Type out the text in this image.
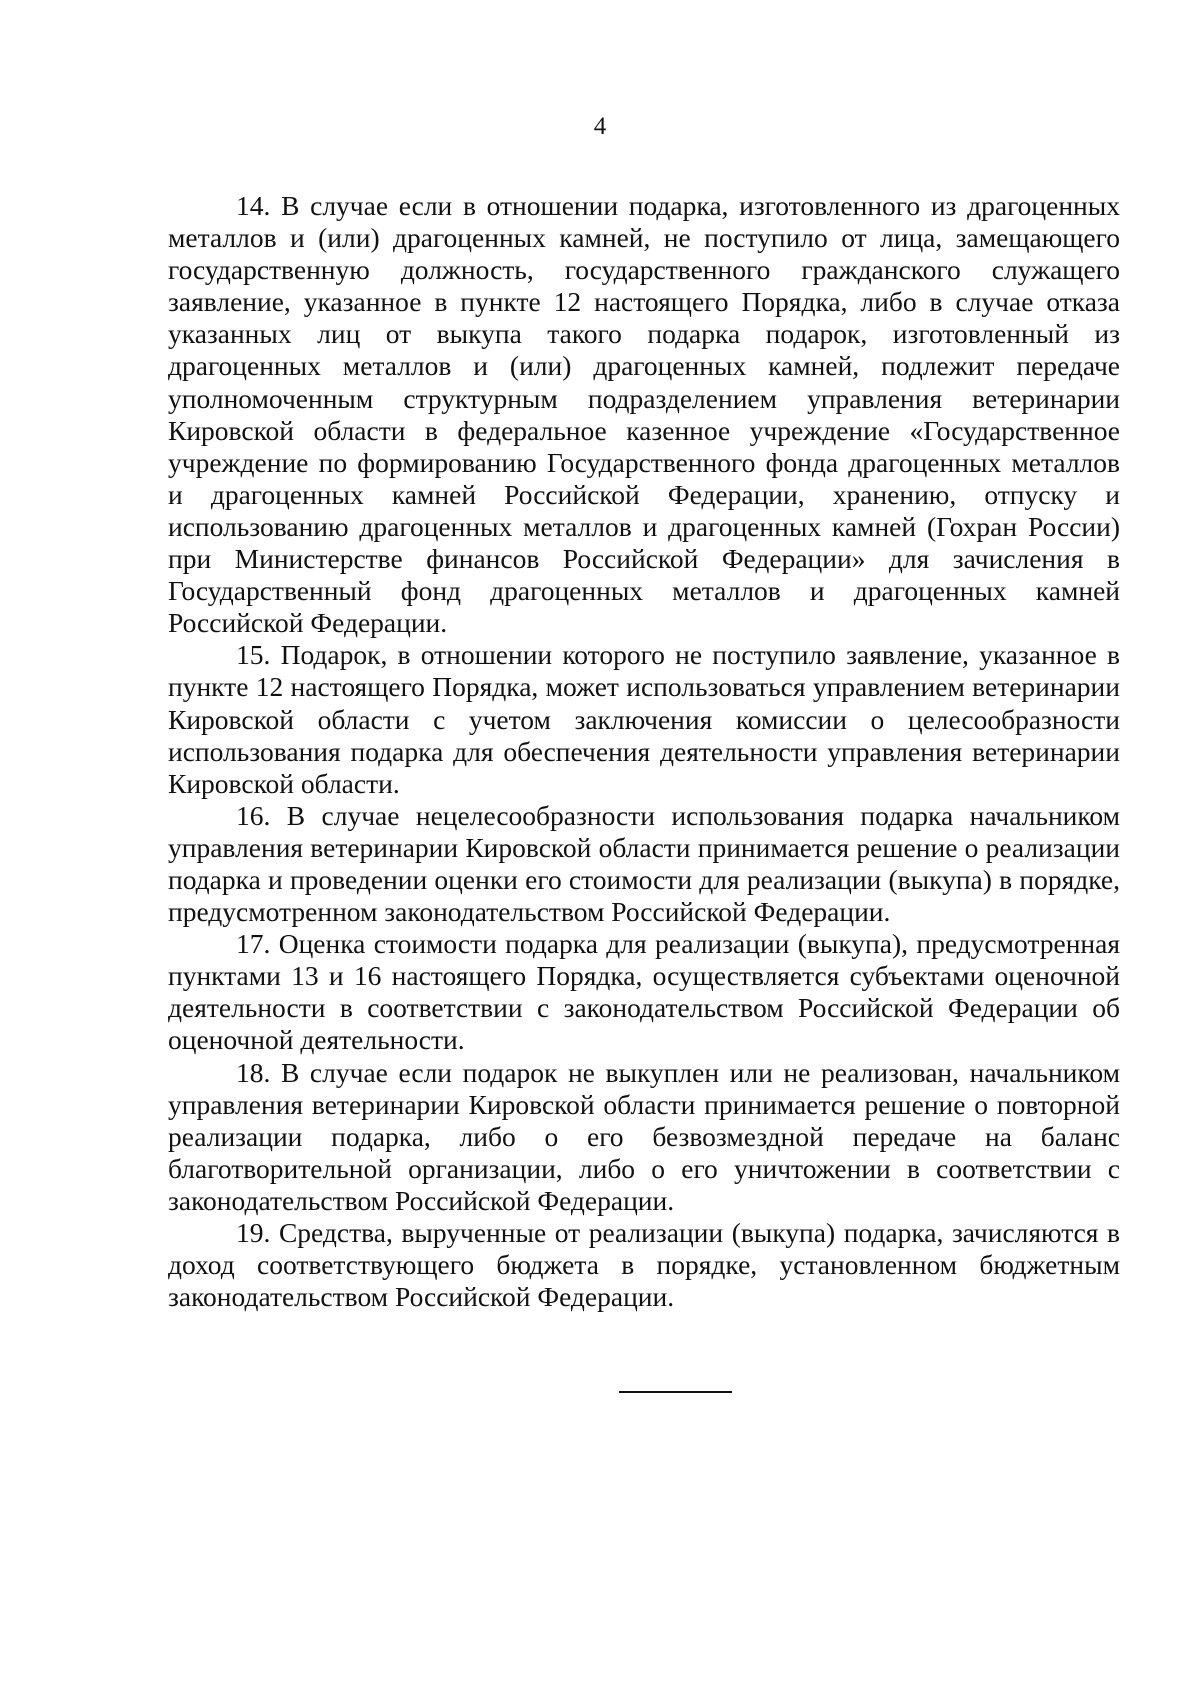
4

14. В случае если в отношении подарка, изготовленного из драгоценных металлов и (или) драгоценных камней, не поступило от лица, замещающего государственную должность, государственного гражданского служащего заявление, указанное в пункте 12 настоящего Порядка, либо в случае отказа указанных лиц от выкупа такого подарка подарок, изготовленный из драгоценных металлов и (или) драгоценных камней, подлежит передаче уполномоченным структурным подразделением управления ветеринарии Кировской области в федеральное казенное учреждение «Государственное учреждение по формированию Государственного фонда драгоценных металлов и драгоценных камней Российской Федерации, хранению, отпуску и использованию драгоценных металлов и драгоценных камней (Гохран России) при Министерстве финансов Российской Федерации» для зачисления в Государственный фонд драгоценных металлов и драгоценных камней Российской Федерации.

15. Подарок, в отношении которого не поступило заявление, указанное в пункте 12 настоящего Порядка, может использоваться управлением ветеринарии Кировской области с учетом заключения комиссии о целесообразности использования подарка для обеспечения деятельности управления ветеринарии Кировской области.

16. В случае нецелесообразности использования подарка начальником управления ветеринарии Кировской области принимается решение о реализации подарка и проведении оценки его стоимости для реализации (выкупа) в порядке, предусмотренном законодательством Российской Федерации.

17. Оценка стоимости подарка для реализации (выкупа), предусмотренная пунктами 13 и 16 настоящего Порядка, осуществляется субъектами оценочной деятельности в соответствии с законодательством Российской Федерации об оценочной деятельности.

18. В случае если подарок не выкуплен или не реализован, начальником управления ветеринарии Кировской области принимается решение о повторной реализации подарка, либо о его безвозмездной передаче на баланс благотворительной организации, либо о его уничтожении в соответствии с законодательством Российской Федерации.

19. Средства, вырученные от реализации (выкупа) подарка, зачисляются в доход соответствующего бюджета в порядке, установленном бюджетным законодательством Российской Федерации.
